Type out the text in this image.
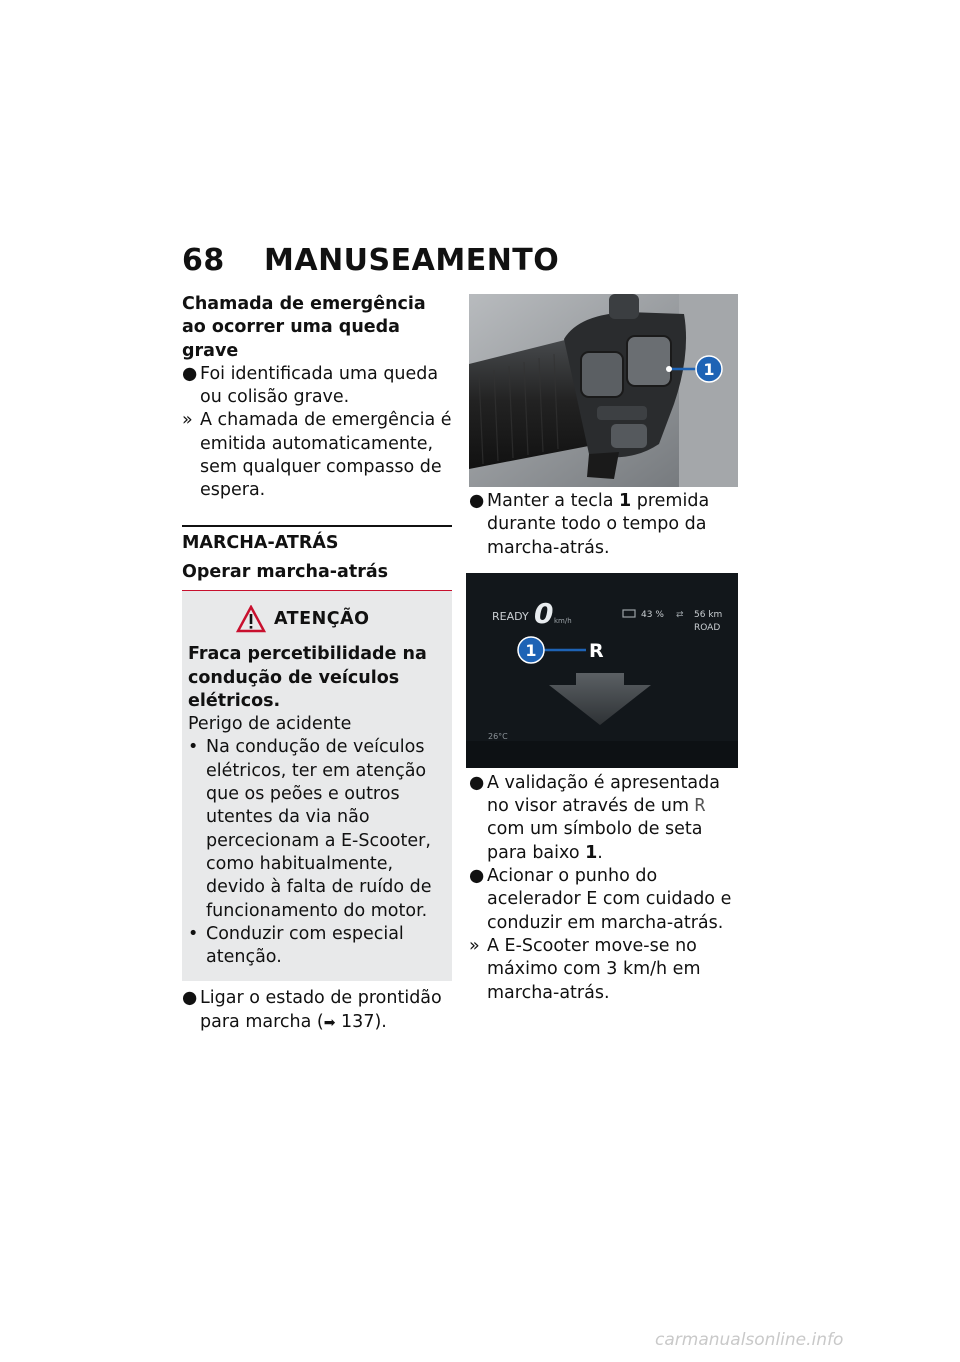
68 MANUSEAMENTO
Chamada de emergência ao ocorrer uma queda grave
● Foi identificada uma queda ou colisão grave.
» A chamada de emergência é emitida automaticamente, sem qualquer compasso de espera.
MARCHA-ATRÁS
Operar marcha-atrás
ATENÇÃO
Fraca percetibilidade na condução de veículos elétricos.
Perigo de acidente
• Na condução de veículos elétricos, ter em atenção que os peões e outros utentes da via não percecionam a E-Scooter, como habitualmente, devido à falta de ruído de funcionamento do motor.
• Conduzir com especial atenção.
● Ligar o estado de prontidão para marcha (➡ 137).
1
READY 0 km/h
43 % ⇄ 56 km
ROAD
1	R
26°C
● Manter a tecla 1 premida durante todo o tempo da marcha-atrás.
● A validação é apresentada no visor através de um R com um símbolo de seta para baixo 1.
● Acionar o punho do acelerador E com cuidado e conduzir em marcha-atrás.
» A E-Scooter move-se no máximo com 3 km/h em marcha-atrás.
carmanualsonline.info
